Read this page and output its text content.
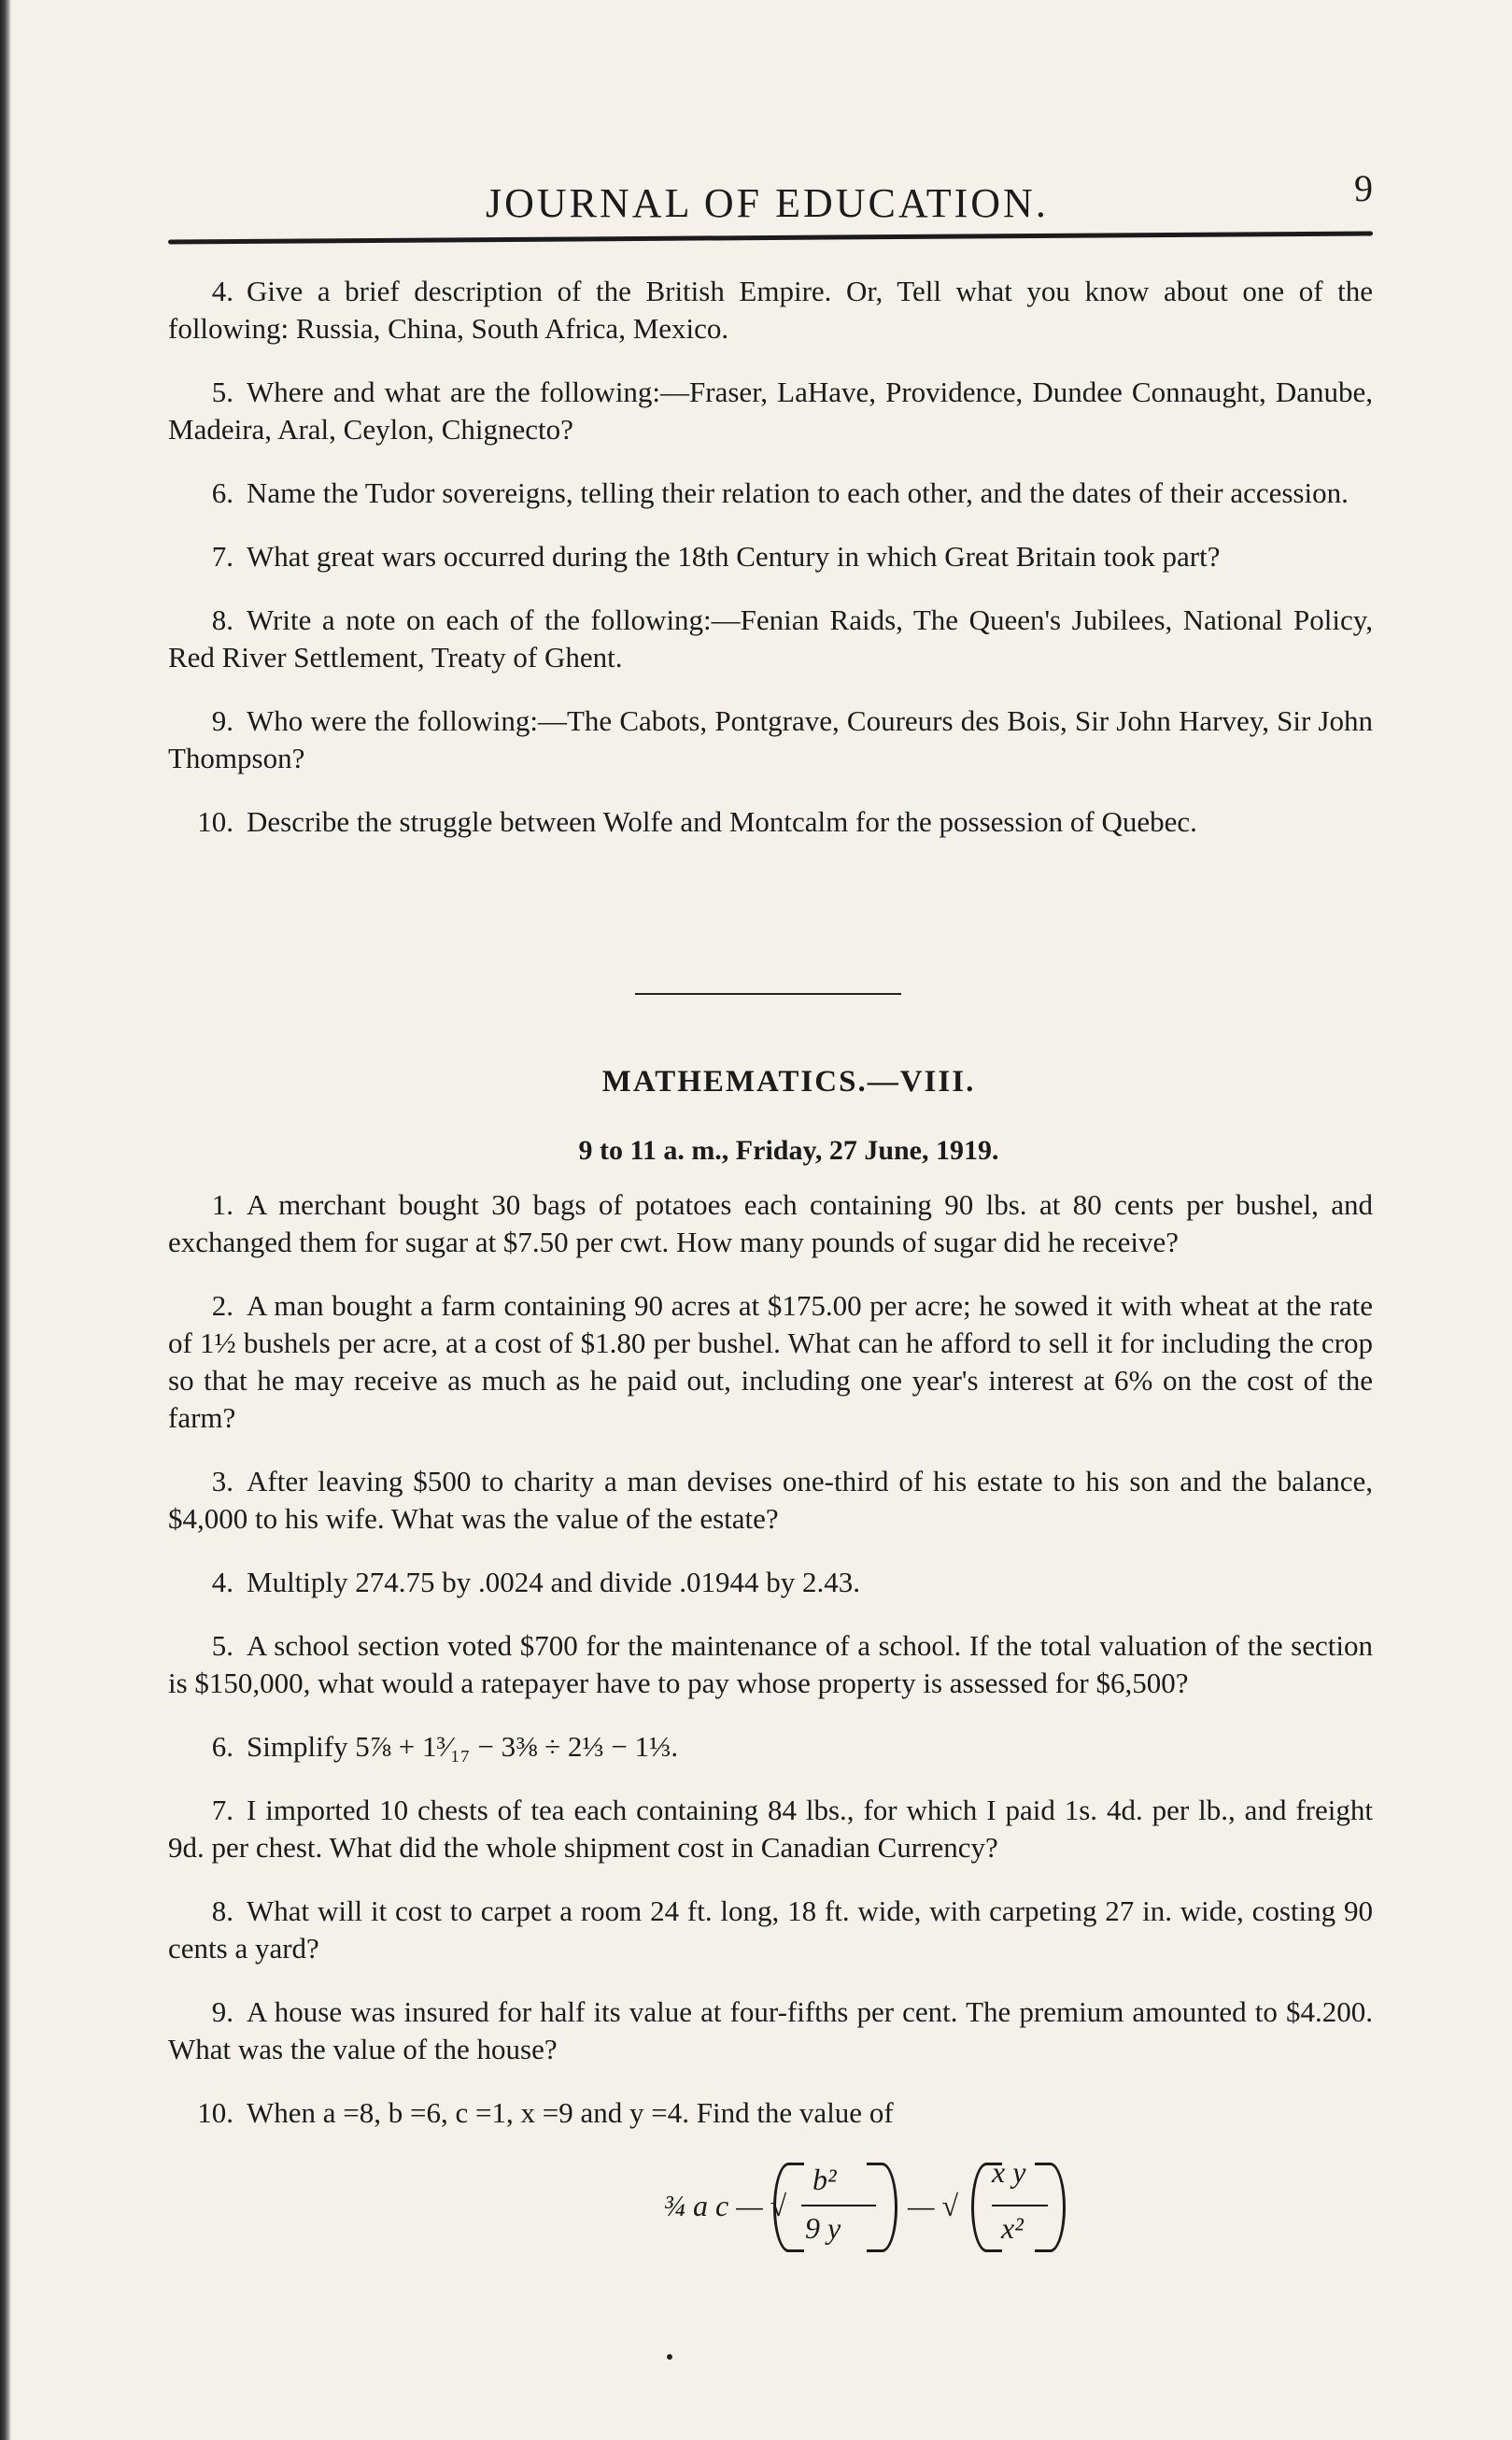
JOURNAL OF EDUCATION.	9

4. Give a brief description of the British Empire. Or, Tell what you know about one of the following: Russia, China, South Africa, Mexico.

5. Where and what are the following:—Fraser, LaHave, Providence, Dundee Connaught, Danube, Madeira, Aral, Ceylon, Chignecto?

6. Name the Tudor sovereigns, telling their relation to each other, and the dates of their accession.

7. What great wars occurred during the 18th Century in which Great Britain took part?

8. Write a note on each of the following:—Fenian Raids, The Queen's Jubilees, National Policy, Red River Settlement, Treaty of Ghent.

9. Who were the following:—The Cabots, Pontgrave, Coureurs des Bois, Sir John Harvey, Sir John Thompson?

10. Describe the struggle between Wolfe and Montcalm for the possession of Quebec.

MATHEMATICS.—VIII.
9 to 11 a. m., Friday, 27 June, 1919.

1. A merchant bought 30 bags of potatoes each containing 90 lbs. at 80 cents per bushel, and exchanged them for sugar at $7.50 per cwt. How many pounds of sugar did he receive?

2. A man bought a farm containing 90 acres at $175.00 per acre; he sowed it with wheat at the rate of 1½ bushels per acre, at a cost of $1.80 per bushel. What can he afford to sell it for including the crop so that he may receive as much as he paid out, including one year's interest at 6% on the cost of the farm?

3. After leaving $500 to charity a man devises one-third of his estate to his son and the balance, $4,000 to his wife. What was the value of the estate?

4. Multiply 274.75 by .0024 and divide .01944 by 2.43.

5. A school section voted $700 for the maintenance of a school. If the total valuation of the section is $150,000, what would a ratepayer have to pay whose property is assessed for $6,500?

6. Simplify 5⅞ + 1³⁄₁₇ − 3⅜ ÷ 2⅓ − 1⅓.

7. I imported 10 chests of tea each containing 84 lbs., for which I paid 1s. 4d. per lb., and freight 9d. per chest. What did the whole shipment cost in Canadian Currency?

8. What will it cost to carpet a room 24 ft. long, 18 ft. wide, with carpeting 27 in. wide, costing 90 cents a yard?

9. A house was insured for half its value at four-fifths per cent. The premium amounted to $4.200. What was the value of the house?

10. When a =8, b =6, c =1, x =9 and y =4. Find the value of

¾ a c — √
b²
9 y
— √
x y
x²
